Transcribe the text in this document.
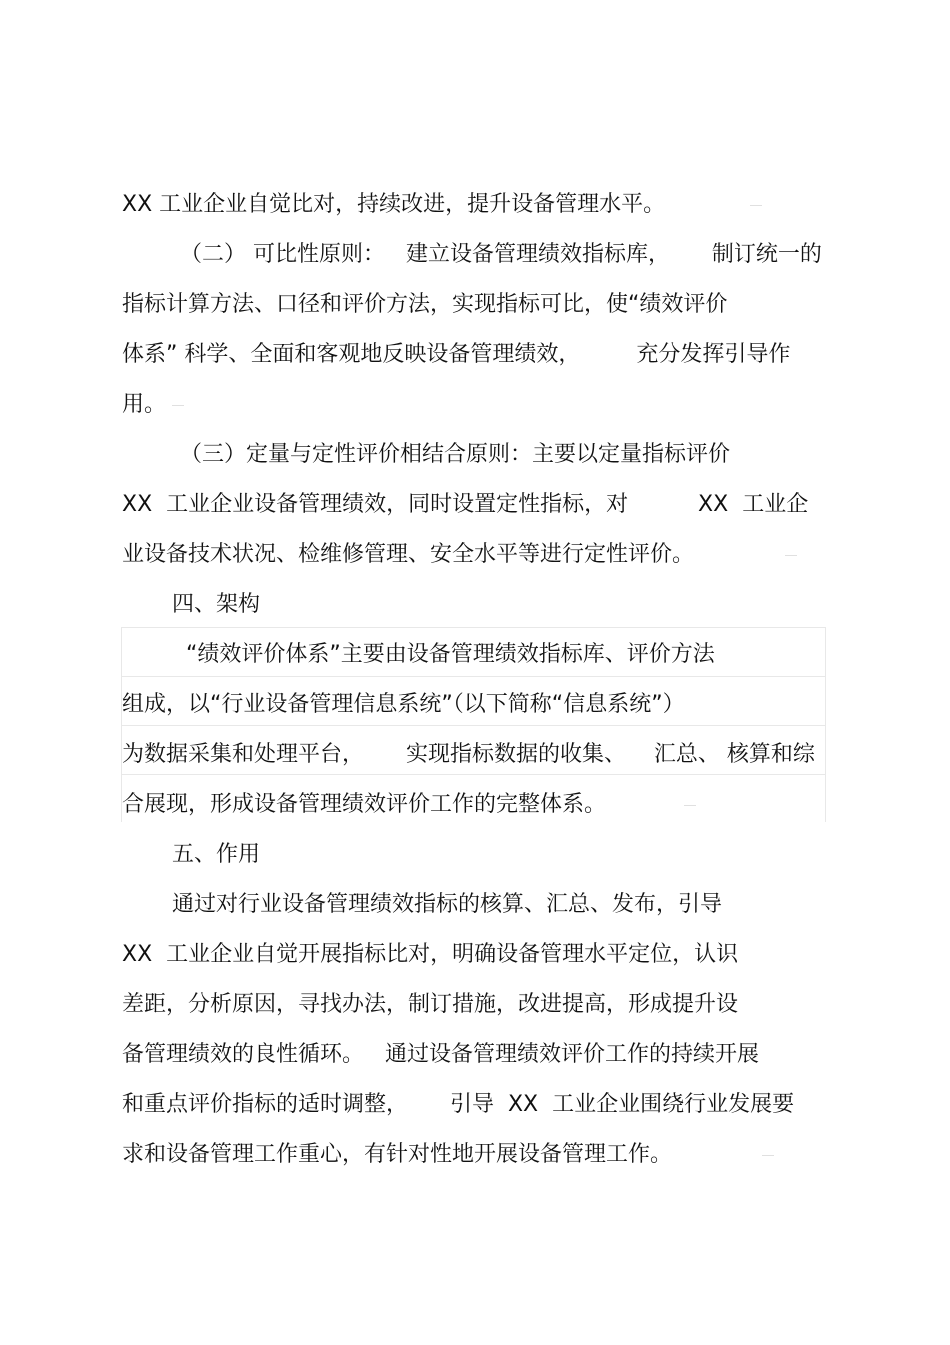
XX 工业企业自觉比对，持续改进，提升设备管理水平。
（二） 可比性原则：   建立设备管理绩效指标库，      制订统一的
指标计算方法、口径和评价方法，实现指标可比，使“绩效评价
体系” 科学、全面和客观地反映设备管理绩效，        充分发挥引导作
用。
（三）定量与定性评价相结合原则：主要以定量指标评价
XX  工业企业设备管理绩效，同时设置定性指标，对          XX  工业企
业设备技术状况、检维修管理、安全水平等进行定性评价。
四、架构
“绩效评价体系”主要由设备管理绩效指标库、评价方法
组成，以“行业设备管理信息系统”（以下简称“信息系统”）
为数据采集和处理平台，      实现指标数据的收集、    汇总、 核算和综
合展现，形成设备管理绩效评价工作的完整体系。
五、作用
通过对行业设备管理绩效指标的核算、汇总、发布，引导
XX  工业企业自觉开展指标比对，明确设备管理水平定位，认识
差距，分析原因，寻找办法，制订措施，改进提高，形成提升设
备管理绩效的良性循环。   通过设备管理绩效评价工作的持续开展
和重点评价指标的适时调整，      引导  XX  工业企业围绕行业发展要
求和设备管理工作重心，有针对性地开展设备管理工作。
